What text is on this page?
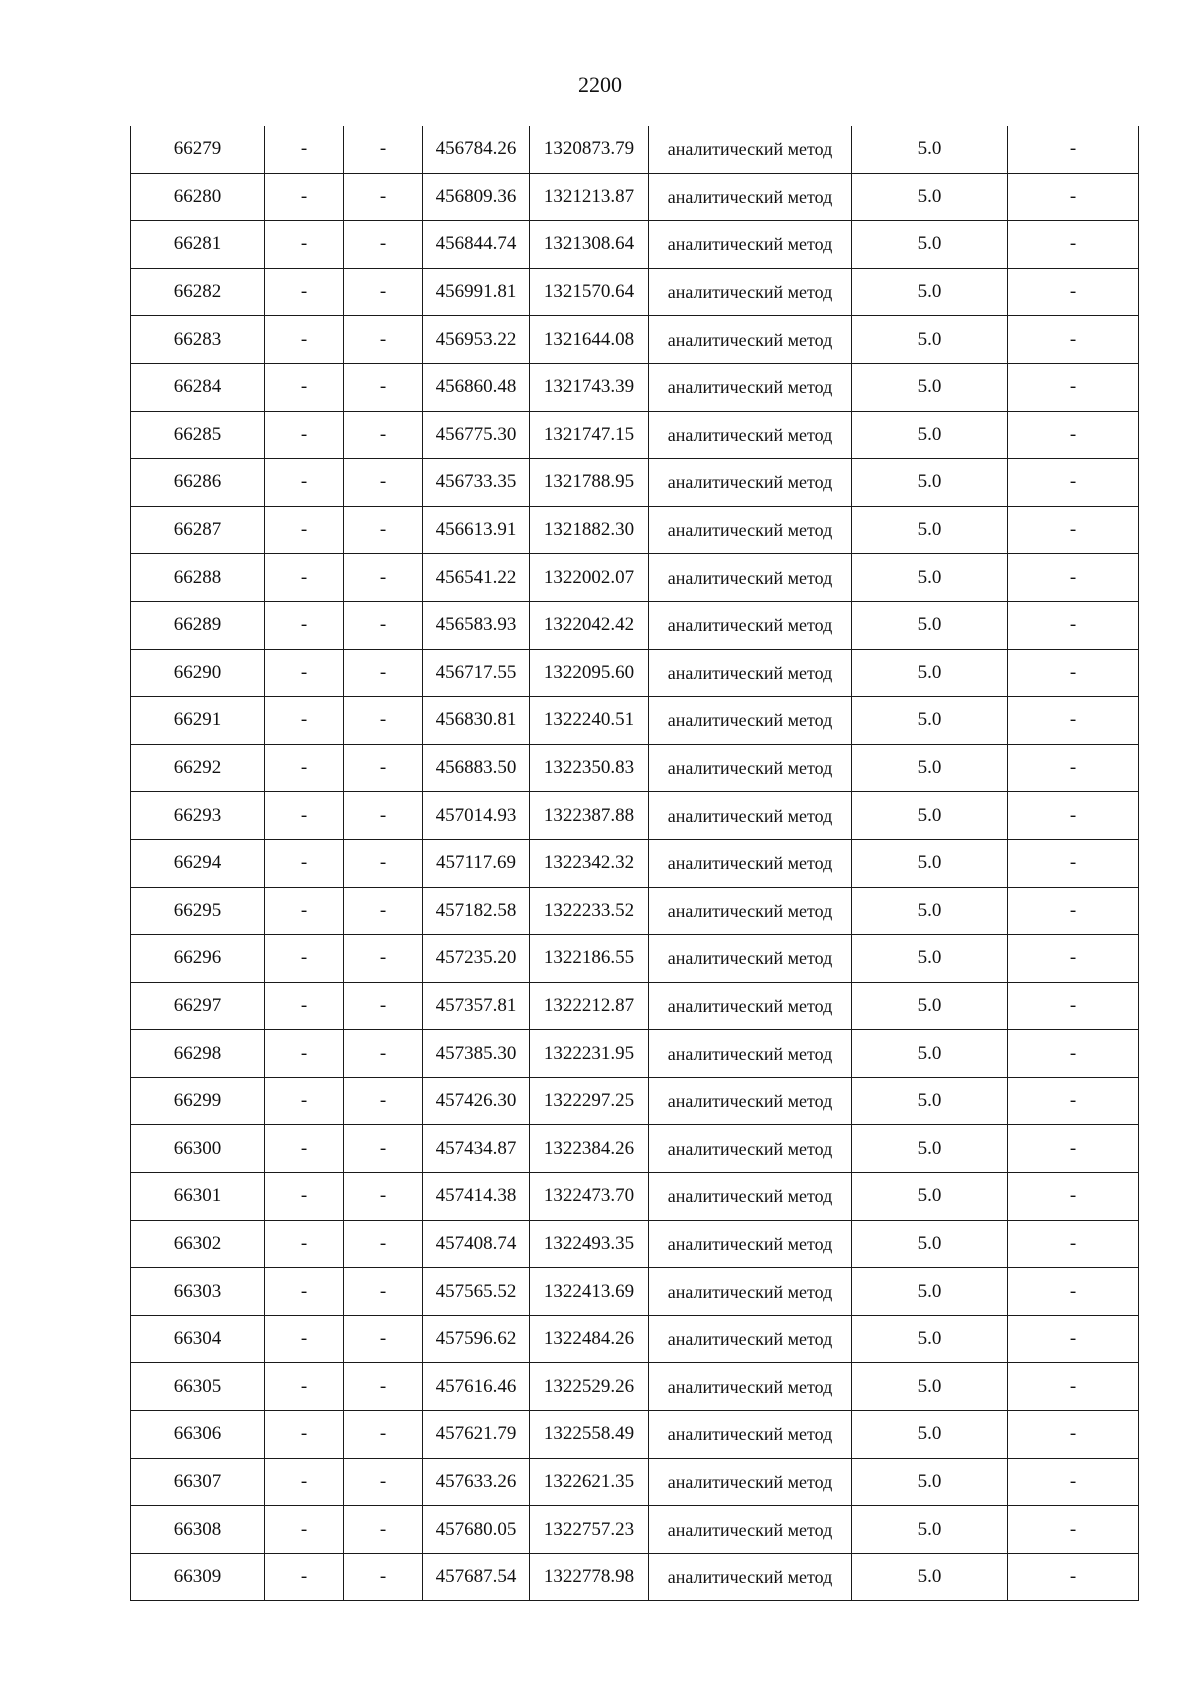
2200
66279	-	-	456784.26	1320873.79	аналитический метод	5.0	-
66280	-	-	456809.36	1321213.87	аналитический метод	5.0	-
66281	-	-	456844.74	1321308.64	аналитический метод	5.0	-
66282	-	-	456991.81	1321570.64	аналитический метод	5.0	-
66283	-	-	456953.22	1321644.08	аналитический метод	5.0	-
66284	-	-	456860.48	1321743.39	аналитический метод	5.0	-
66285	-	-	456775.30	1321747.15	аналитический метод	5.0	-
66286	-	-	456733.35	1321788.95	аналитический метод	5.0	-
66287	-	-	456613.91	1321882.30	аналитический метод	5.0	-
66288	-	-	456541.22	1322002.07	аналитический метод	5.0	-
66289	-	-	456583.93	1322042.42	аналитический метод	5.0	-
66290	-	-	456717.55	1322095.60	аналитический метод	5.0	-
66291	-	-	456830.81	1322240.51	аналитический метод	5.0	-
66292	-	-	456883.50	1322350.83	аналитический метод	5.0	-
66293	-	-	457014.93	1322387.88	аналитический метод	5.0	-
66294	-	-	457117.69	1322342.32	аналитический метод	5.0	-
66295	-	-	457182.58	1322233.52	аналитический метод	5.0	-
66296	-	-	457235.20	1322186.55	аналитический метод	5.0	-
66297	-	-	457357.81	1322212.87	аналитический метод	5.0	-
66298	-	-	457385.30	1322231.95	аналитический метод	5.0	-
66299	-	-	457426.30	1322297.25	аналитический метод	5.0	-
66300	-	-	457434.87	1322384.26	аналитический метод	5.0	-
66301	-	-	457414.38	1322473.70	аналитический метод	5.0	-
66302	-	-	457408.74	1322493.35	аналитический метод	5.0	-
66303	-	-	457565.52	1322413.69	аналитический метод	5.0	-
66304	-	-	457596.62	1322484.26	аналитический метод	5.0	-
66305	-	-	457616.46	1322529.26	аналитический метод	5.0	-
66306	-	-	457621.79	1322558.49	аналитический метод	5.0	-
66307	-	-	457633.26	1322621.35	аналитический метод	5.0	-
66308	-	-	457680.05	1322757.23	аналитический метод	5.0	-
66309	-	-	457687.54	1322778.98	аналитический метод	5.0	-
